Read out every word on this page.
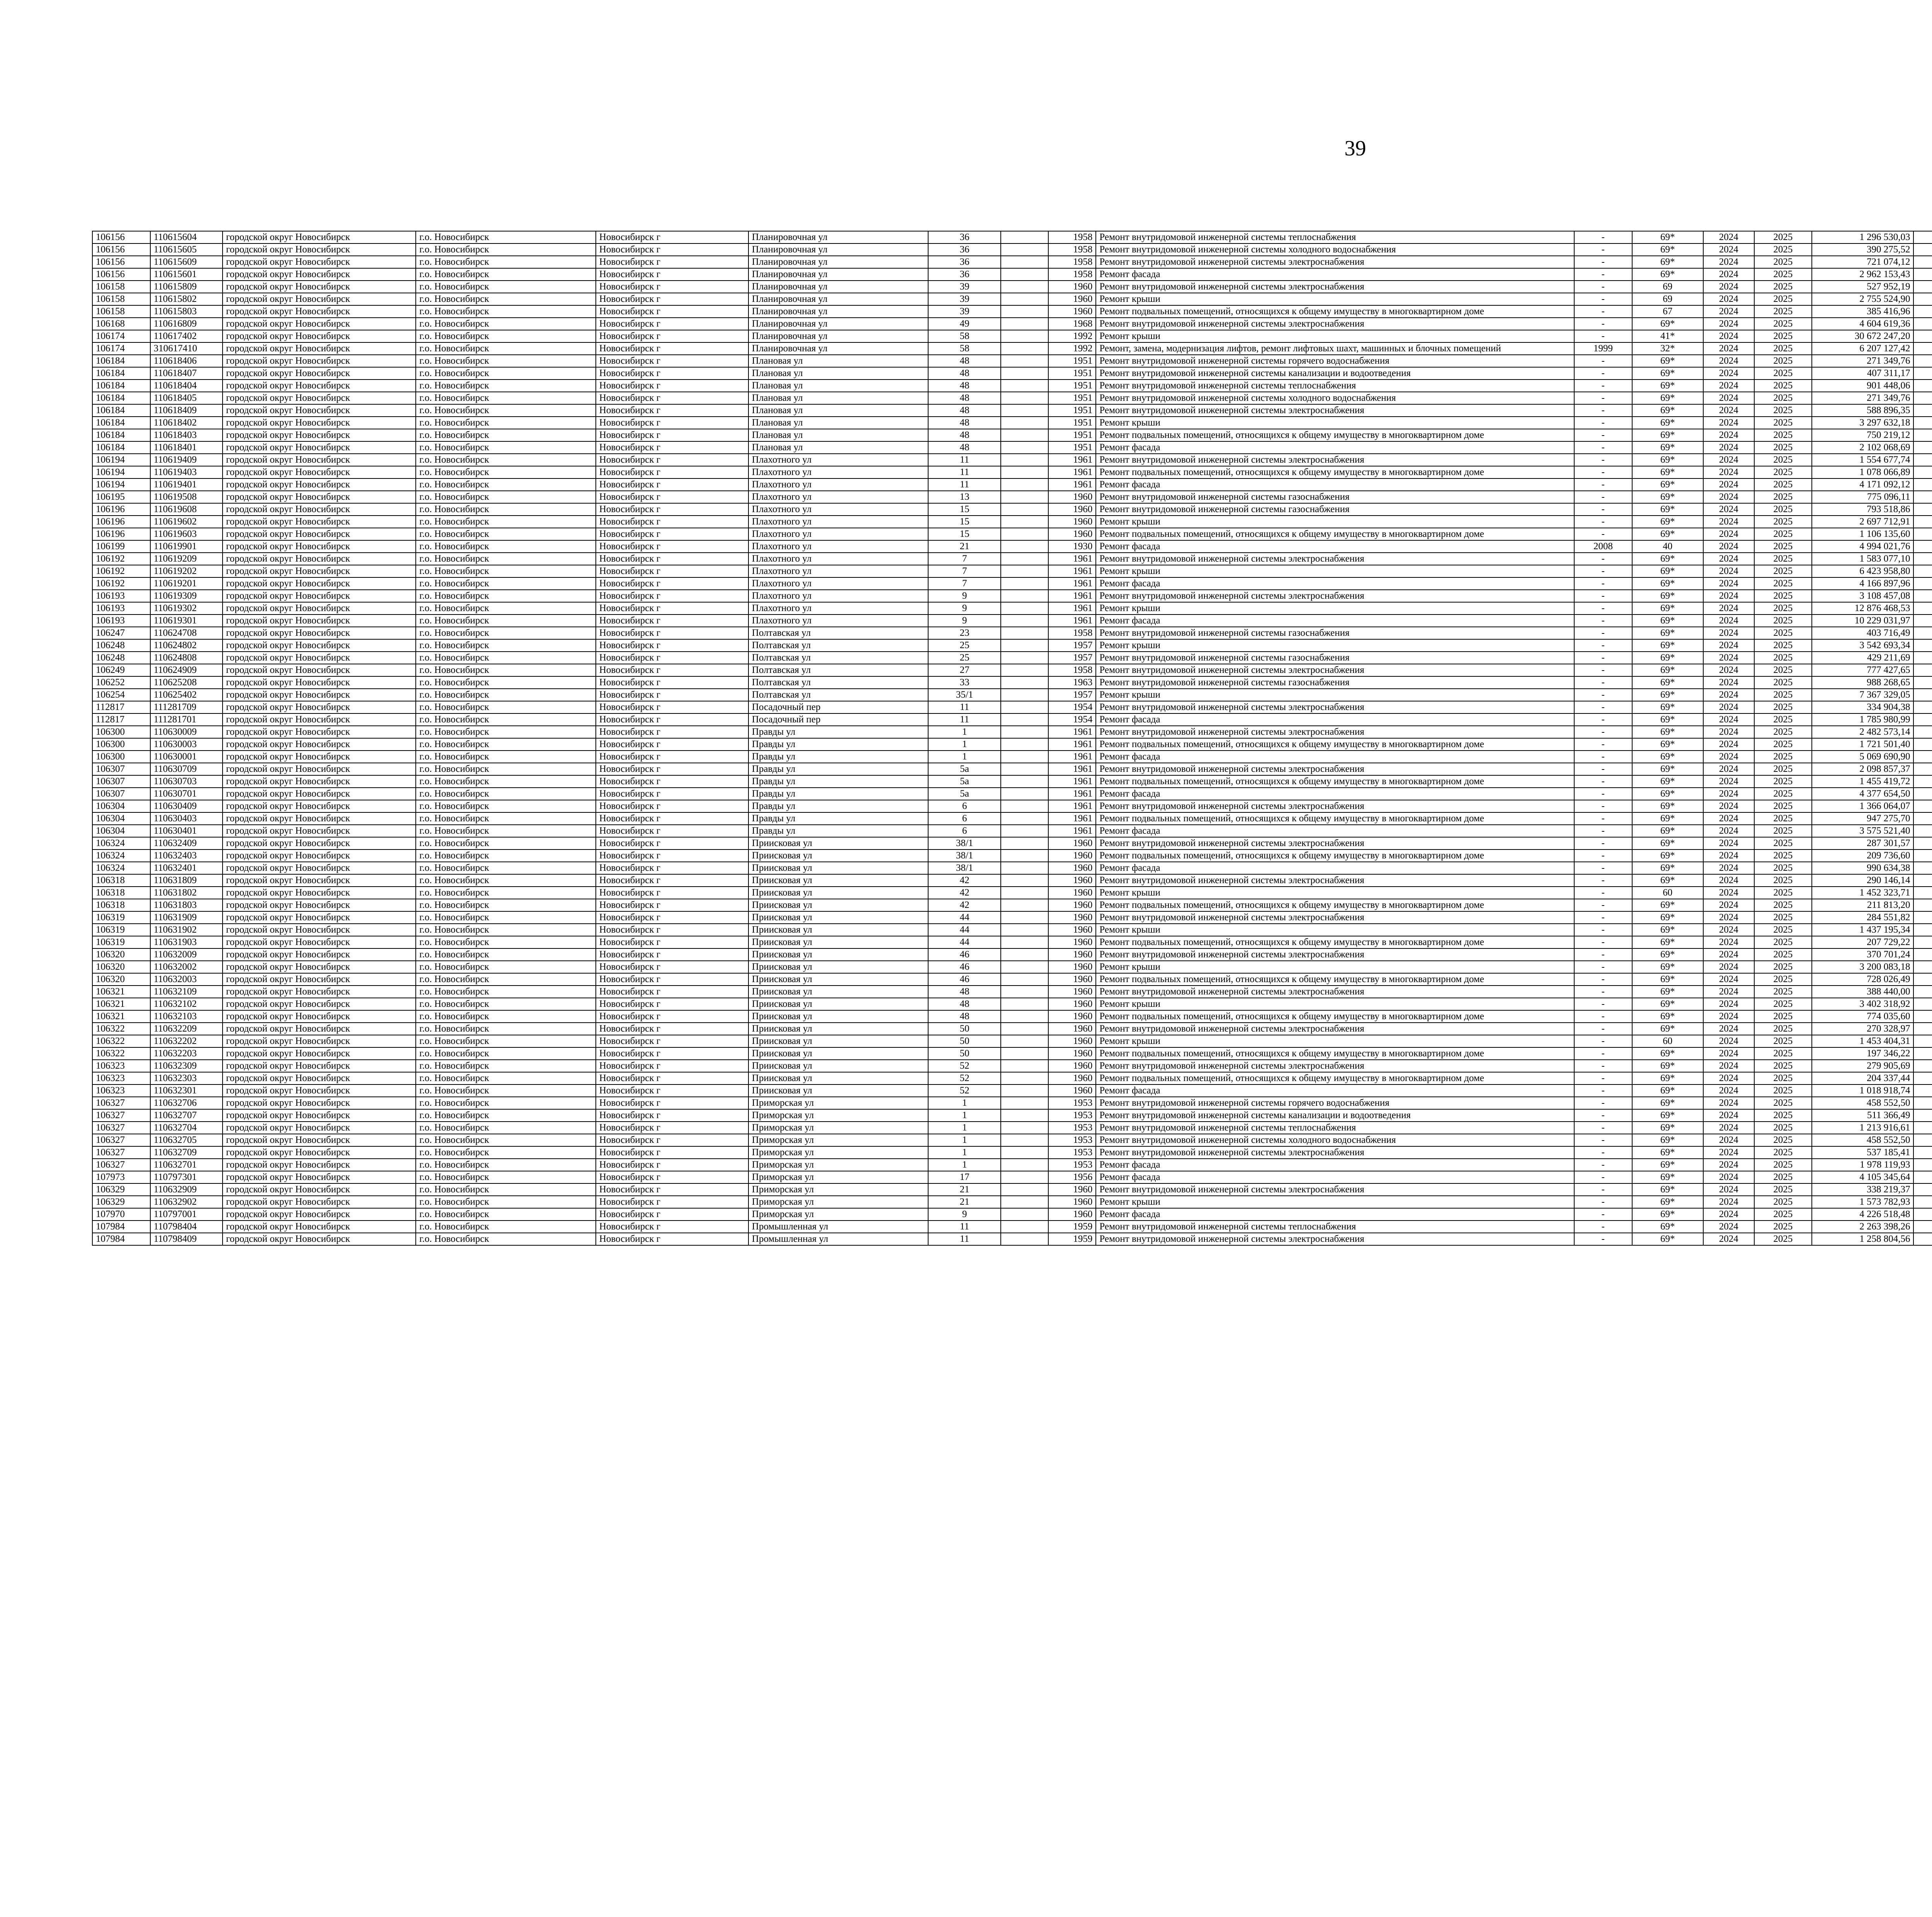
39
106156	110615604	городской округ Новосибирск	г.о. Новосибирск	Новосибирск г	Планировочная ул	36		1958	Ремонт внутридомовой инженерной системы теплоснабжения	-	69*	2024	2025	1 296 530,03						
106156	110615605	городской округ Новосибирск	г.о. Новосибирск	Новосибирск г	Планировочная ул	36		1958	Ремонт внутридомовой инженерной системы холодного водоснабжения	-	69*	2024	2025	390 275,52						
106156	110615609	городской округ Новосибирск	г.о. Новосибирск	Новосибирск г	Планировочная ул	36		1958	Ремонт внутридомовой инженерной системы электроснабжения	-	69*	2024	2025	721 074,12						
106156	110615601	городской округ Новосибирск	г.о. Новосибирск	Новосибирск г	Планировочная ул	36		1958	Ремонт фасада	-	69*	2024	2025	2 962 153,43						
106158	110615809	городской округ Новосибирск	г.о. Новосибирск	Новосибирск г	Планировочная ул	39		1960	Ремонт внутридомовой инженерной системы электроснабжения	-	69	2024	2025	527 952,19						
106158	110615802	городской округ Новосибирск	г.о. Новосибирск	Новосибирск г	Планировочная ул	39		1960	Ремонт крыши	-	69	2024	2025	2 755 524,90						
106158	110615803	городской округ Новосибирск	г.о. Новосибирск	Новосибирск г	Планировочная ул	39		1960	Ремонт подвальных помещений, относящихся к общему имуществу в многоквартирном доме	-	67	2024	2025	385 416,96						
106168	110616809	городской округ Новосибирск	г.о. Новосибирск	Новосибирск г	Планировочная ул	49		1968	Ремонт внутридомовой инженерной системы электроснабжения	-	69*	2024	2025	4 604 619,36						
106174	110617402	городской округ Новосибирск	г.о. Новосибирск	Новосибирск г	Планировочная ул	58		1992	Ремонт крыши	-	41*	2024	2025	30 672 247,20						
106174	310617410	городской округ Новосибирск	г.о. Новосибирск	Новосибирск г	Планировочная ул	58		1992	Ремонт, замена, модернизация лифтов, ремонт лифтовых шахт, машинных и блочных помещений	1999	32*	2024	2025	6 207 127,42						
106184	110618406	городской округ Новосибирск	г.о. Новосибирск	Новосибирск г	Плановая ул	48		1951	Ремонт внутридомовой инженерной системы горячего водоснабжения	-	69*	2024	2025	271 349,76						
106184	110618407	городской округ Новосибирск	г.о. Новосибирск	Новосибирск г	Плановая ул	48		1951	Ремонт внутридомовой инженерной системы канализации и водоотведения	-	69*	2024	2025	407 311,17						
106184	110618404	городской округ Новосибирск	г.о. Новосибирск	Новосибирск г	Плановая ул	48		1951	Ремонт внутридомовой инженерной системы теплоснабжения	-	69*	2024	2025	901 448,06						
106184	110618405	городской округ Новосибирск	г.о. Новосибирск	Новосибирск г	Плановая ул	48		1951	Ремонт внутридомовой инженерной системы холодного водоснабжения	-	69*	2024	2025	271 349,76						
106184	110618409	городской округ Новосибирск	г.о. Новосибирск	Новосибирск г	Плановая ул	48		1951	Ремонт внутридомовой инженерной системы электроснабжения	-	69*	2024	2025	588 896,35						
106184	110618402	городской округ Новосибирск	г.о. Новосибирск	Новосибирск г	Плановая ул	48		1951	Ремонт крыши	-	69*	2024	2025	3 297 632,18						
106184	110618403	городской округ Новосибирск	г.о. Новосибирск	Новосибирск г	Плановая ул	48		1951	Ремонт подвальных помещений, относящихся к общему имуществу в многоквартирном доме	-	69*	2024	2025	750 219,12						
106184	110618401	городской округ Новосибирск	г.о. Новосибирск	Новосибирск г	Плановая ул	48		1951	Ремонт фасада	-	69*	2024	2025	2 102 068,69						
106194	110619409	городской округ Новосибирск	г.о. Новосибирск	Новосибирск г	Плахотного ул	11		1961	Ремонт внутридомовой инженерной системы электроснабжения	-	69*	2024	2025	1 554 677,74						
106194	110619403	городской округ Новосибирск	г.о. Новосибирск	Новосибирск г	Плахотного ул	11		1961	Ремонт подвальных помещений, относящихся к общему имуществу в многоквартирном доме	-	69*	2024	2025	1 078 066,89						
106194	110619401	городской округ Новосибирск	г.о. Новосибирск	Новосибирск г	Плахотного ул	11		1961	Ремонт фасада	-	69*	2024	2025	4 171 092,12						
106195	110619508	городской округ Новосибирск	г.о. Новосибирск	Новосибирск г	Плахотного ул	13		1960	Ремонт внутридомовой инженерной системы газоснабжения	-	69*	2024	2025	775 096,11						
106196	110619608	городской округ Новосибирск	г.о. Новосибирск	Новосибирск г	Плахотного ул	15		1960	Ремонт внутридомовой инженерной системы газоснабжения	-	69*	2024	2025	793 518,86						
106196	110619602	городской округ Новосибирск	г.о. Новосибирск	Новосибирск г	Плахотного ул	15		1960	Ремонт крыши	-	69*	2024	2025	2 697 712,91						
106196	110619603	городской округ Новосибирск	г.о. Новосибирск	Новосибирск г	Плахотного ул	15		1960	Ремонт подвальных помещений, относящихся к общему имуществу в многоквартирном доме	-	69*	2024	2025	1 106 135,60						
106199	110619901	городской округ Новосибирск	г.о. Новосибирск	Новосибирск г	Плахотного ул	21		1930	Ремонт фасада	2008	40	2024	2025	4 994 021,76						
106192	110619209	городской округ Новосибирск	г.о. Новосибирск	Новосибирск г	Плахотного ул	7		1961	Ремонт внутридомовой инженерной системы электроснабжения	-	69*	2024	2025	1 583 077,10						
106192	110619202	городской округ Новосибирск	г.о. Новосибирск	Новосибирск г	Плахотного ул	7		1961	Ремонт крыши	-	69*	2024	2025	6 423 958,80						
106192	110619201	городской округ Новосибирск	г.о. Новосибирск	Новосибирск г	Плахотного ул	7		1961	Ремонт фасада	-	69*	2024	2025	4 166 897,96						
106193	110619309	городской округ Новосибирск	г.о. Новосибирск	Новосибирск г	Плахотного ул	9		1961	Ремонт внутридомовой инженерной системы электроснабжения	-	69*	2024	2025	3 108 457,08						
106193	110619302	городской округ Новосибирск	г.о. Новосибирск	Новосибирск г	Плахотного ул	9		1961	Ремонт крыши	-	69*	2024	2025	12 876 468,53						
106193	110619301	городской округ Новосибирск	г.о. Новосибирск	Новосибирск г	Плахотного ул	9		1961	Ремонт фасада	-	69*	2024	2025	10 229 031,97						
106247	110624708	городской округ Новосибирск	г.о. Новосибирск	Новосибирск г	Полтавская ул	23		1958	Ремонт внутридомовой инженерной системы газоснабжения	-	69*	2024	2025	403 716,49						
106248	110624802	городской округ Новосибирск	г.о. Новосибирск	Новосибирск г	Полтавская ул	25		1957	Ремонт крыши	-	69*	2024	2025	3 542 693,34						
106248	110624808	городской округ Новосибирск	г.о. Новосибирск	Новосибирск г	Полтавская ул	25		1957	Ремонт внутридомовой инженерной системы газоснабжения	-	69*	2024	2025	429 211,69						
106249	110624909	городской округ Новосибирск	г.о. Новосибирск	Новосибирск г	Полтавская ул	27		1958	Ремонт внутридомовой инженерной системы электроснабжения	-	69*	2024	2025	777 427,65						
106252	110625208	городской округ Новосибирск	г.о. Новосибирск	Новосибирск г	Полтавская ул	33		1963	Ремонт внутридомовой инженерной системы газоснабжения	-	69*	2024	2025	988 268,65						
106254	110625402	городской округ Новосибирск	г.о. Новосибирск	Новосибирск г	Полтавская ул	35/1		1957	Ремонт крыши	-	69*	2024	2025	7 367 329,05						
112817	111281709	городской округ Новосибирск	г.о. Новосибирск	Новосибирск г	Посадочный пер	11		1954	Ремонт внутридомовой инженерной системы электроснабжения	-	69*	2024	2025	334 904,38						
112817	111281701	городской округ Новосибирск	г.о. Новосибирск	Новосибирск г	Посадочный пер	11		1954	Ремонт фасада	-	69*	2024	2025	1 785 980,99						
106300	110630009	городской округ Новосибирск	г.о. Новосибирск	Новосибирск г	Правды ул	1		1961	Ремонт внутридомовой инженерной системы электроснабжения	-	69*	2024	2025	2 482 573,14						
106300	110630003	городской округ Новосибирск	г.о. Новосибирск	Новосибирск г	Правды ул	1		1961	Ремонт подвальных помещений, относящихся к общему имуществу в многоквартирном доме	-	69*	2024	2025	1 721 501,40						
106300	110630001	городской округ Новосибирск	г.о. Новосибирск	Новосибирск г	Правды ул	1		1961	Ремонт фасада	-	69*	2024	2025	5 069 690,90						
106307	110630709	городской округ Новосибирск	г.о. Новосибирск	Новосибирск г	Правды ул	5а		1961	Ремонт внутридомовой инженерной системы электроснабжения	-	69*	2024	2025	2 098 857,37						
106307	110630703	городской округ Новосибирск	г.о. Новосибирск	Новосибирск г	Правды ул	5а		1961	Ремонт подвальных помещений, относящихся к общему имуществу в многоквартирном доме	-	69*	2024	2025	1 455 419,72						
106307	110630701	городской округ Новосибирск	г.о. Новосибирск	Новосибирск г	Правды ул	5а		1961	Ремонт фасада	-	69*	2024	2025	4 377 654,50						
106304	110630409	городской округ Новосибирск	г.о. Новосибирск	Новосибирск г	Правды ул	6		1961	Ремонт внутридомовой инженерной системы электроснабжения	-	69*	2024	2025	1 366 064,07						
106304	110630403	городской округ Новосибирск	г.о. Новосибирск	Новосибирск г	Правды ул	6		1961	Ремонт подвальных помещений, относящихся к общему имуществу в многоквартирном доме	-	69*	2024	2025	947 275,70						
106304	110630401	городской округ Новосибирск	г.о. Новосибирск	Новосибирск г	Правды ул	6		1961	Ремонт фасада	-	69*	2024	2025	3 575 521,40						
106324	110632409	городской округ Новосибирск	г.о. Новосибирск	Новосибирск г	Приисковая ул	38/1		1960	Ремонт внутридомовой инженерной системы электроснабжения	-	69*	2024	2025	287 301,57						
106324	110632403	городской округ Новосибирск	г.о. Новосибирск	Новосибирск г	Приисковая ул	38/1		1960	Ремонт подвальных помещений, относящихся к общему имуществу в многоквартирном доме	-	69*	2024	2025	209 736,60						
106324	110632401	городской округ Новосибирск	г.о. Новосибирск	Новосибирск г	Приисковая ул	38/1		1960	Ремонт фасада	-	69*	2024	2025	990 634,38						
106318	110631809	городской округ Новосибирск	г.о. Новосибирск	Новосибирск г	Приисковая ул	42		1960	Ремонт внутридомовой инженерной системы электроснабжения	-	69*	2024	2025	290 146,14						
106318	110631802	городской округ Новосибирск	г.о. Новосибирск	Новосибирск г	Приисковая ул	42		1960	Ремонт крыши	-	60	2024	2025	1 452 323,71						
106318	110631803	городской округ Новосибирск	г.о. Новосибирск	Новосибирск г	Приисковая ул	42		1960	Ремонт подвальных помещений, относящихся к общему имуществу в многоквартирном доме	-	69*	2024	2025	211 813,20						
106319	110631909	городской округ Новосибирск	г.о. Новосибирск	Новосибирск г	Приисковая ул	44		1960	Ремонт внутридомовой инженерной системы электроснабжения	-	69*	2024	2025	284 551,82						
106319	110631902	городской округ Новосибирск	г.о. Новосибирск	Новосибирск г	Приисковая ул	44		1960	Ремонт крыши	-	69*	2024	2025	1 437 195,34						
106319	110631903	городской округ Новосибирск	г.о. Новосибирск	Новосибирск г	Приисковая ул	44		1960	Ремонт подвальных помещений, относящихся к общему имуществу в многоквартирном доме	-	69*	2024	2025	207 729,22						
106320	110632009	городской округ Новосибирск	г.о. Новосибирск	Новосибирск г	Приисковая ул	46		1960	Ремонт внутридомовой инженерной системы электроснабжения	-	69*	2024	2025	370 701,24						
106320	110632002	городской округ Новосибирск	г.о. Новосибирск	Новосибирск г	Приисковая ул	46		1960	Ремонт крыши	-	69*	2024	2025	3 200 083,18						
106320	110632003	городской округ Новосибирск	г.о. Новосибирск	Новосибирск г	Приисковая ул	46		1960	Ремонт подвальных помещений, относящихся к общему имуществу в многоквартирном доме	-	69*	2024	2025	728 026,49						
106321	110632109	городской округ Новосибирск	г.о. Новосибирск	Новосибирск г	Приисковая ул	48		1960	Ремонт внутридомовой инженерной системы электроснабжения	-	69*	2024	2025	388 440,00						
106321	110632102	городской округ Новосибирск	г.о. Новосибирск	Новосибирск г	Приисковая ул	48		1960	Ремонт крыши	-	69*	2024	2025	3 402 318,92						
106321	110632103	городской округ Новосибирск	г.о. Новосибирск	Новосибирск г	Приисковая ул	48		1960	Ремонт подвальных помещений, относящихся к общему имуществу в многоквартирном доме	-	69*	2024	2025	774 035,60						
106322	110632209	городской округ Новосибирск	г.о. Новосибирск	Новосибирск г	Приисковая ул	50		1960	Ремонт внутридомовой инженерной системы электроснабжения	-	69*	2024	2025	270 328,97						
106322	110632202	городской округ Новосибирск	г.о. Новосибирск	Новосибирск г	Приисковая ул	50		1960	Ремонт крыши	-	60	2024	2025	1 453 404,31						
106322	110632203	городской округ Новосибирск	г.о. Новосибирск	Новосибирск г	Приисковая ул	50		1960	Ремонт подвальных помещений, относящихся к общему имуществу в многоквартирном доме	-	69*	2024	2025	197 346,22						
106323	110632309	городской округ Новосибирск	г.о. Новосибирск	Новосибирск г	Приисковая ул	52		1960	Ремонт внутридомовой инженерной системы электроснабжения	-	69*	2024	2025	279 905,69						
106323	110632303	городской округ Новосибирск	г.о. Новосибирск	Новосибирск г	Приисковая ул	52		1960	Ремонт подвальных помещений, относящихся к общему имуществу в многоквартирном доме	-	69*	2024	2025	204 337,44						
106323	110632301	городской округ Новосибирск	г.о. Новосибирск	Новосибирск г	Приисковая ул	52		1960	Ремонт фасада	-	69*	2024	2025	1 018 918,74						
106327	110632706	городской округ Новосибирск	г.о. Новосибирск	Новосибирск г	Приморская ул	1		1953	Ремонт внутридомовой инженерной системы горячего водоснабжения	-	69*	2024	2025	458 552,50						
106327	110632707	городской округ Новосибирск	г.о. Новосибирск	Новосибирск г	Приморская ул	1		1953	Ремонт внутридомовой инженерной системы канализации и водоотведения	-	69*	2024	2025	511 366,49						
106327	110632704	городской округ Новосибирск	г.о. Новосибирск	Новосибирск г	Приморская ул	1		1953	Ремонт внутридомовой инженерной системы теплоснабжения	-	69*	2024	2025	1 213 916,61						
106327	110632705	городской округ Новосибирск	г.о. Новосибирск	Новосибирск г	Приморская ул	1		1953	Ремонт внутридомовой инженерной системы холодного водоснабжения	-	69*	2024	2025	458 552,50						
106327	110632709	городской округ Новосибирск	г.о. Новосибирск	Новосибирск г	Приморская ул	1		1953	Ремонт внутридомовой инженерной системы электроснабжения	-	69*	2024	2025	537 185,41						
106327	110632701	городской округ Новосибирск	г.о. Новосибирск	Новосибирск г	Приморская ул	1		1953	Ремонт фасада	-	69*	2024	2025	1 978 119,93						
107973	110797301	городской округ Новосибирск	г.о. Новосибирск	Новосибирск г	Приморская ул	17		1956	Ремонт фасада	-	69*	2024	2025	4 105 345,64						
106329	110632909	городской округ Новосибирск	г.о. Новосибирск	Новосибирск г	Приморская ул	21		1960	Ремонт внутридомовой инженерной системы электроснабжения	-	69*	2024	2025	338 219,37						
106329	110632902	городской округ Новосибирск	г.о. Новосибирск	Новосибирск г	Приморская ул	21		1960	Ремонт крыши	-	69*	2024	2025	1 573 782,93						
107970	110797001	городской округ Новосибирск	г.о. Новосибирск	Новосибирск г	Приморская ул	9		1960	Ремонт фасада	-	69*	2024	2025	4 226 518,48						
107984	110798404	городской округ Новосибирск	г.о. Новосибирск	Новосибирск г	Промышленная ул	11		1959	Ремонт внутридомовой инженерной системы теплоснабжения	-	69*	2024	2025	2 263 398,26						
107984	110798409	городской округ Новосибирск	г.о. Новосибирск	Новосибирск г	Промышленная ул	11		1959	Ремонт внутридомовой инженерной системы электроснабжения	-	69*	2024	2025	1 258 804,56						
